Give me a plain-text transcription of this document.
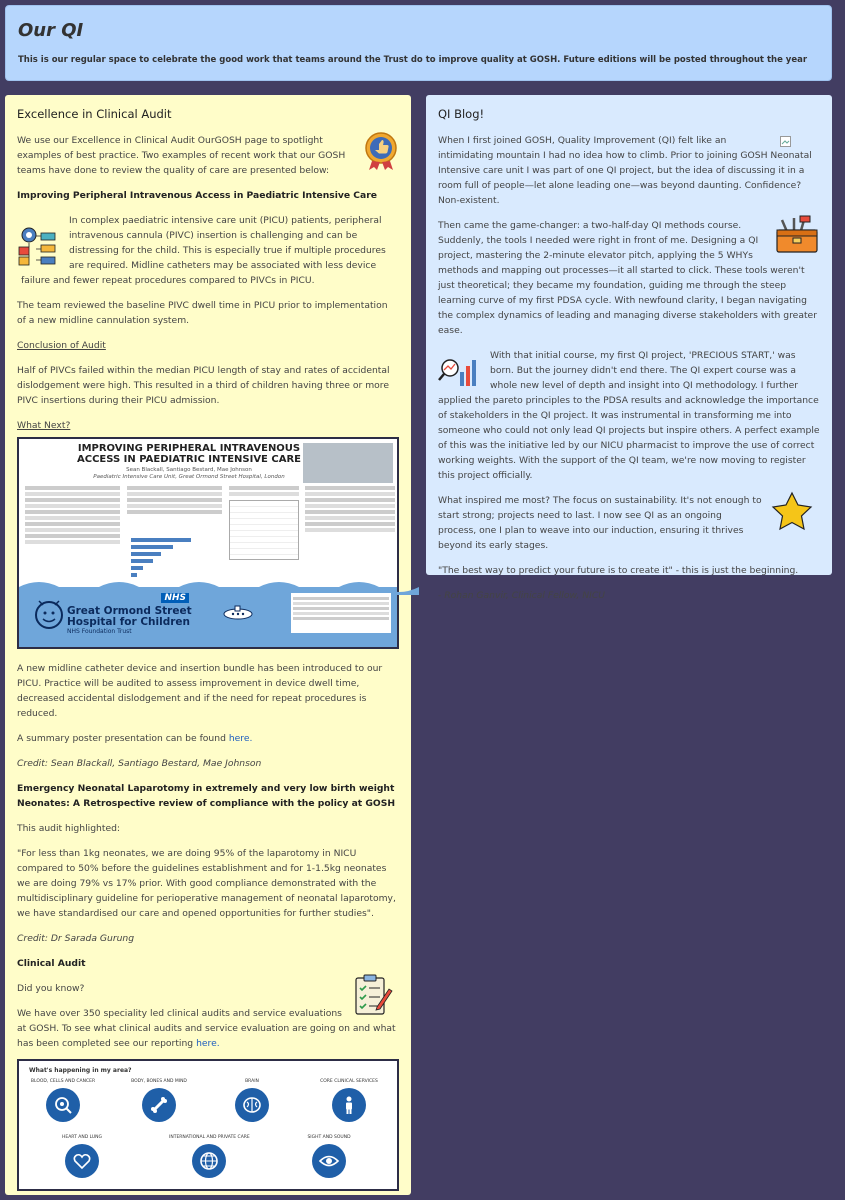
Our QI

This is our regular space to celebrate the good work that teams around the Trust do to improve quality at GOSH. Future editions will be posted throughout the year

Excellence in Clinical Audit

We use our Excellence in Clinical Audit OurGOSH page to spotlight examples of best practice. Two examples of recent work that our GOSH teams have done to review the quality of care are presented below:

Improving Peripheral Intravenous Access in Paediatric Intensive Care

In complex paediatric intensive care unit (PICU) patients, peripheral intravenous cannula (PIVC) insertion is challenging and can be distressing for the child. This is especially true if multiple procedures are required. Midline catheters may be associated with less device failure and fewer repeat procedures compared to PIVCs in PICU.

The team reviewed the baseline PIVC dwell time in PICU prior to implementation of a new midline cannulation system.

Conclusion of Audit

Half of PIVCs failed within the median PICU length of stay and rates of accidental dislodgement were high. This resulted in a third of children having three or more PIVC insertions during their PICU admission.

What Next?

IMPROVING PERIPHERAL INTRAVENOUS ACCESS IN PAEDIATRIC INTENSIVE CARE
Sean Blackall, Santiago Bestard, Mae Johnson
Paediatric Intensive Care Unit, Great Ormond Street Hospital, London
NHS
Great Ormond Street
Hospital for Children
NHS Foundation Trust

A new midline catheter device and insertion bundle has been introduced to our PICU. Practice will be audited to assess improvement in device dwell time, decreased accidental dislodgement and if the need for repeat procedures is reduced.

A summary poster presentation can be found here.

Credit: Sean Blackall, Santiago Bestard, Mae Johnson

Emergency Neonatal Laparotomy in extremely and very low birth weight Neonates: A Retrospective review of compliance with the policy at GOSH

This audit highlighted:

"For less than 1kg neonates, we are doing 95% of the laparotomy in NICU compared to 50% before the guidelines establishment and for 1-1.5kg neonates we are doing 79% vs 17% prior. With good compliance demonstrated with the multidisciplinary guideline for perioperative management of neonatal laparotomy, we have standardised our care and opened opportunities for further studies".

Credit: Dr Sarada Gurung

Clinical Audit

Did you know?

We have over 350 speciality led clinical audits and service evaluations at GOSH. To see what clinical audits and service evaluation are going on and what has been completed see our reporting here.

What's happening in my area?
BLOOD, CELLS AND CANCER	BODY, BONES AND MIND	BRAIN	CORE CLINICAL SERVICES
HEART AND LUNG	INTERNATIONAL AND PRIVATE CARE	SIGHT AND SOUND
QI Blog!

When I first joined GOSH, Quality Improvement (QI) felt like an intimidating mountain I had no idea how to climb. Prior to joining GOSH Neonatal Intensive care unit I was part of one QI project, but the idea of discussing it in a room full of people—let alone leading one—was beyond daunting. Confidence? Non-existent.

Then came the game-changer: a two-half-day QI methods course. Suddenly, the tools I needed were right in front of me. Designing a QI project, mastering the 2-minute elevator pitch, applying the 5 WHYs methods and mapping out processes—it all started to click. These tools weren't just theoretical; they became my foundation, guiding me through the steep learning curve of my first PDSA cycle. With newfound clarity, I began navigating the complex dynamics of leading and managing diverse stakeholders with greater ease.

With that initial course, my first QI project, 'PRECIOUS START,' was born. But the journey didn't end there. The QI expert course was a whole new level of depth and insight into QI methodology. I further applied the pareto principles to the PDSA results and acknowledge the importance of stakeholders in the QI project. It was instrumental in transforming me into someone who could not only lead QI projects but inspire others. A perfect example of this was the initiative led by our NICU pharmacist to improve the use of correct working weights. With the support of the QI team, we're now moving to register this project officially.

What inspired me most? The focus on sustainability. It's not enough to start strong; projects need to last. I now see QI as an ongoing process, one I plan to weave into our induction, ensuring it thrives beyond its early stages.

"The best way to predict your future is to create it" - this is just the beginning.

- Rohan Ganvir, Clinical Fellow, NICU
